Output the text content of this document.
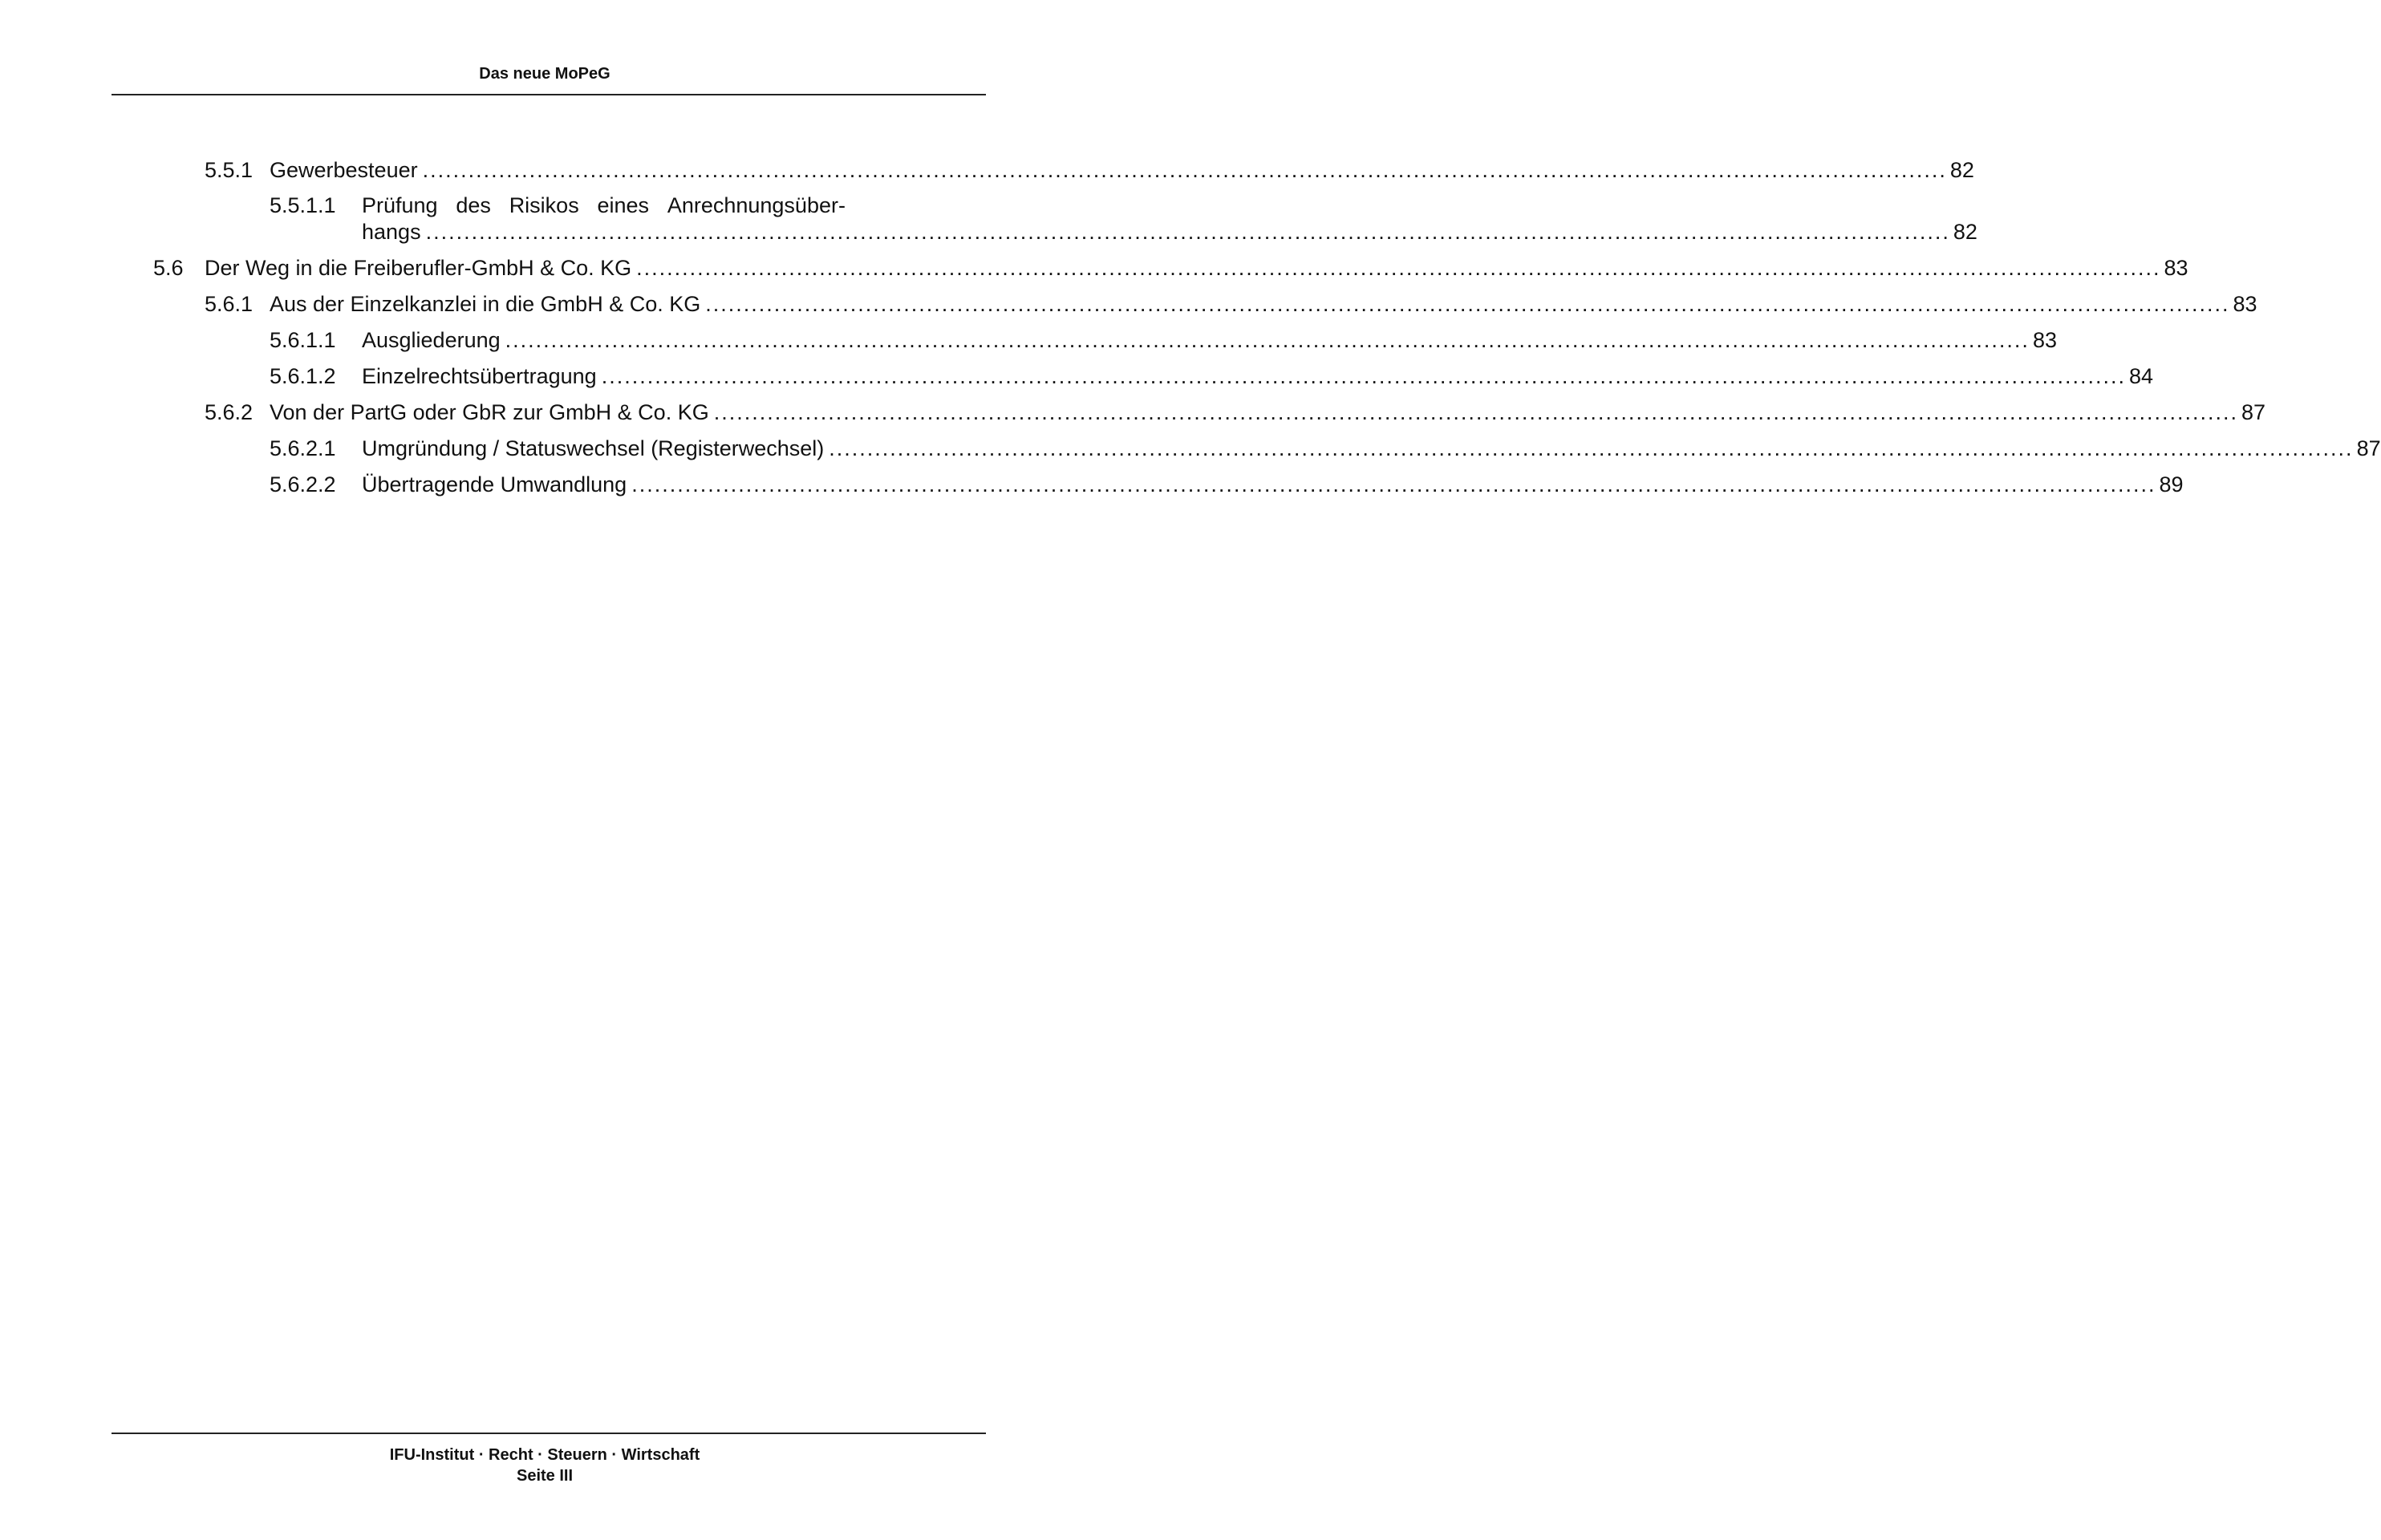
Das neue MoPeG
5.5.1 Gewerbesteuer ........................................................................................................................................................................................................ 82
5.5.1.1 Prüfung des Risikos eines Anrechnungsüber-
hangs ........................................................................................................................................................................................................ 82
5.6 Der Weg in die Freiberufler-GmbH & Co. KG ........................................................................................................................................................................................................ 83
5.6.1 Aus der Einzelkanzlei in die GmbH & Co. KG ........................................................................................................................................................................................................ 83
5.6.1.1 Ausgliederung ........................................................................................................................................................................................................ 83
5.6.1.2 Einzelrechtsübertragung ........................................................................................................................................................................................................ 84
5.6.2 Von der PartG oder GbR zur GmbH & Co. KG ........................................................................................................................................................................................................ 87
5.6.2.1 Umgründung / Statuswechsel (Registerwechsel) ........................................................................................................................................................................................................ 87
5.6.2.2 Übertragende Umwandlung ........................................................................................................................................................................................................ 89
IFU-Institut · Recht · Steuern · Wirtschaft
Seite III
